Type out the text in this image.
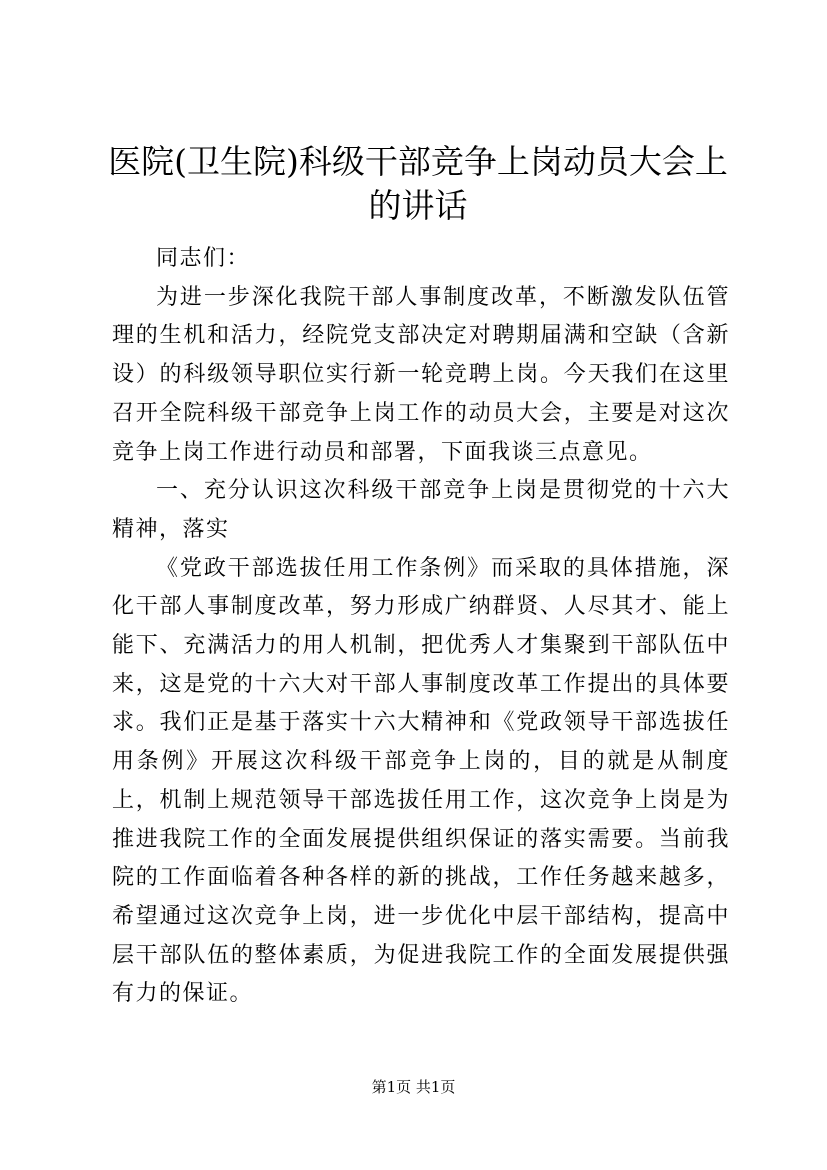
医院(卫生院)科级干部竞争上岗动员大会上的讲话

同志们：

为进一步深化我院干部人事制度改革，不断激发队伍管理的生机和活力，经院党支部决定对聘期届满和空缺（含新设）的科级领导职位实行新一轮竞聘上岗。今天我们在这里召开全院科级干部竞争上岗工作的动员大会，主要是对这次竞争上岗工作进行动员和部署，下面我谈三点意见。

一、充分认识这次科级干部竞争上岗是贯彻党的十六大精神，落实

《党政干部选拔任用工作条例》而采取的具体措施，深化干部人事制度改革，努力形成广纳群贤、人尽其才、能上能下、充满活力的用人机制，把优秀人才集聚到干部队伍中来，这是党的十六大对干部人事制度改革工作提出的具体要求。我们正是基于落实十六大精神和《党政领导干部选拔任用条例》开展这次科级干部竞争上岗的，目的就是从制度上，机制上规范领导干部选拔任用工作，这次竞争上岗是为推进我院工作的全面发展提供组织保证的落实需要。当前我院的工作面临着各种各样的新的挑战，工作任务越来越多，希望通过这次竞争上岗，进一步优化中层干部结构，提高中层干部队伍的整体素质，为促进我院工作的全面发展提供强有力的保证。

第1页 共1页
